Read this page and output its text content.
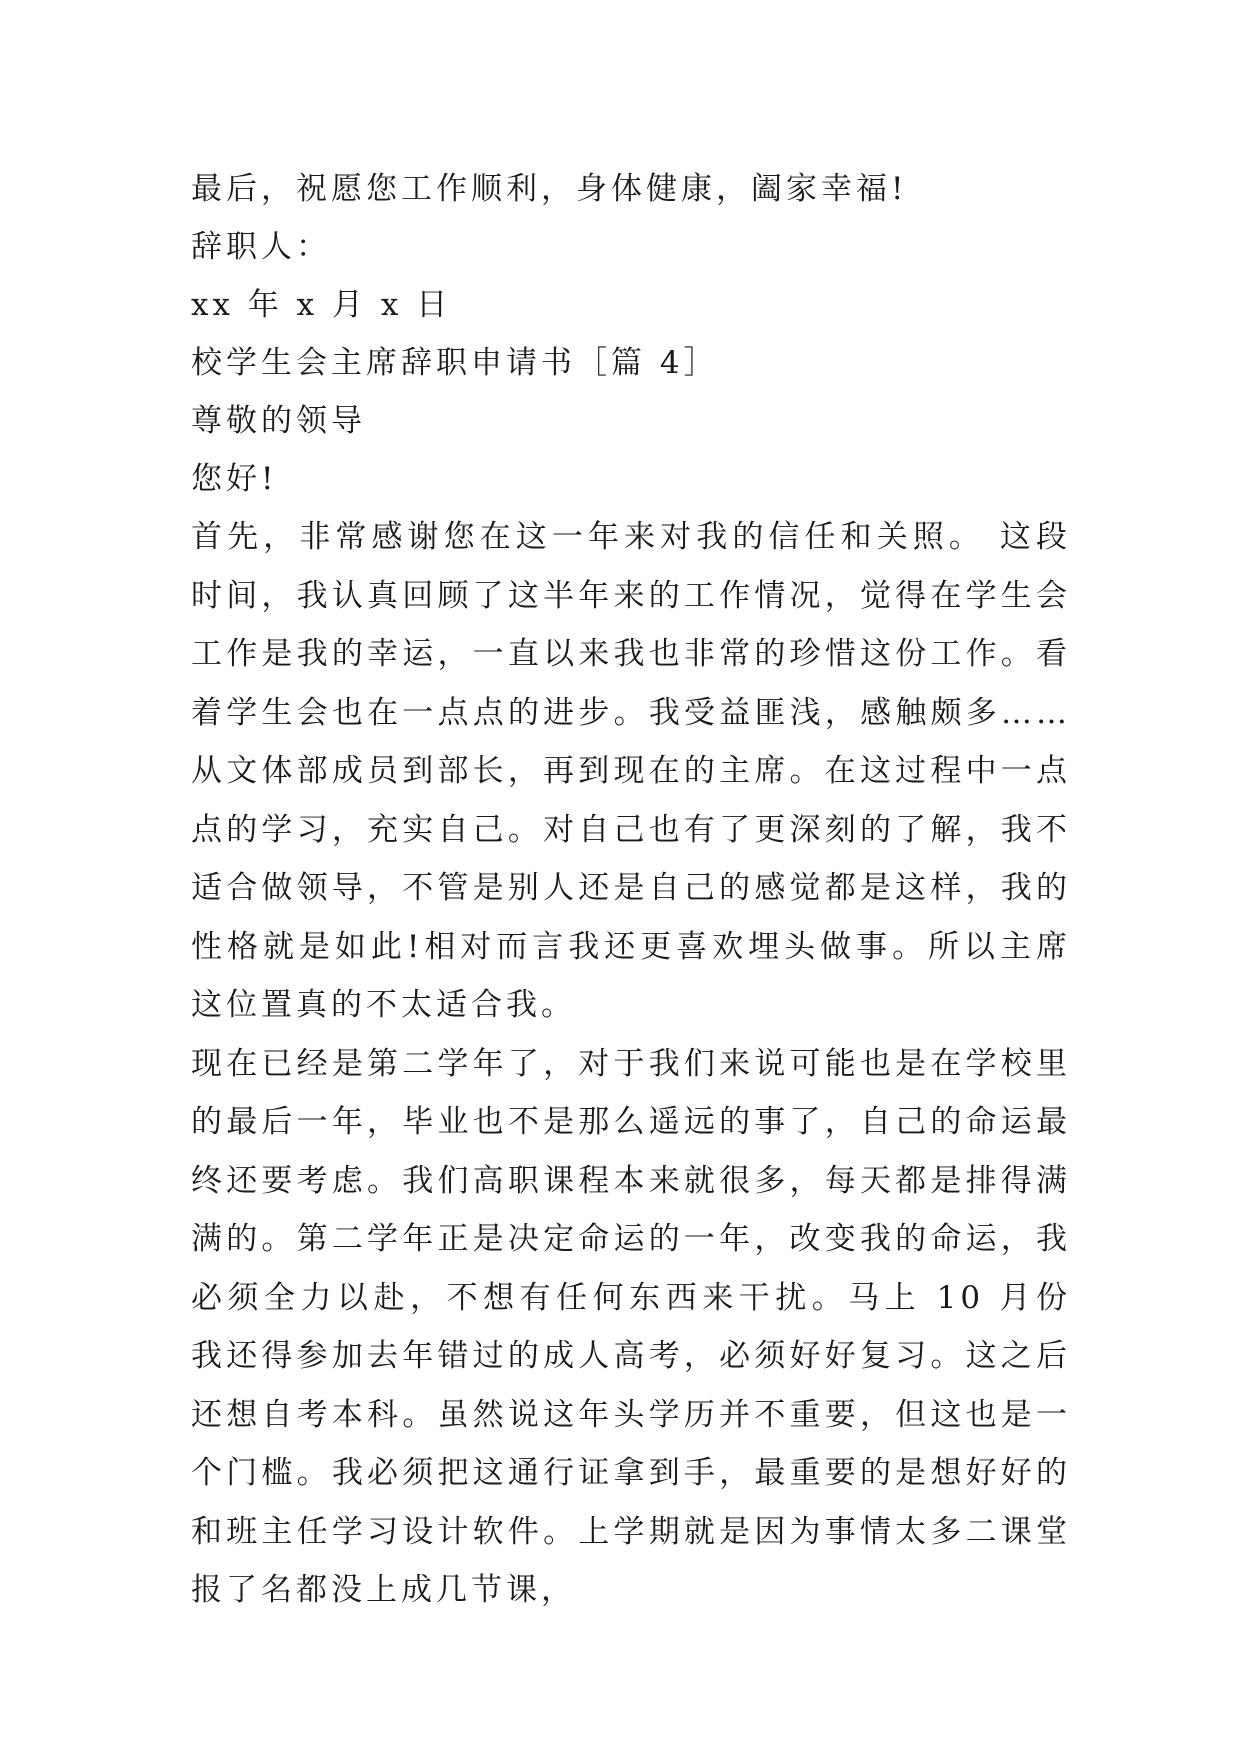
最后，祝愿您工作顺利，身体健康，阖家幸福!
辞职人：
xx 年 x 月 x 日
校学生会主席辞职申请书［篇 4］
尊敬的领导
您好!
首先，非常感谢您在这一年来对我的信任和关照。 这段时间，我认真回顾了这半年来的工作情况，觉得在学生会工作是我的幸运，一直以来我也非常的珍惜这份工作。看着学生会也在一点点的进步。我受益匪浅，感触颇多……从文体部成员到部长，再到现在的主席。在这过程中一点点的学习，充实自己。对自己也有了更深刻的了解，我不适合做领导，不管是别人还是自己的感觉都是这样，我的性格就是如此!相对而言我还更喜欢埋头做事。所以主席这位置真的不太适合我。
现在已经是第二学年了，对于我们来说可能也是在学校里的最后一年，毕业也不是那么遥远的事了，自己的命运最终还要考虑。我们高职课程本来就很多，每天都是排得满满的。第二学年正是决定命运的一年，改变我的命运，我必须全力以赴，不想有任何东西来干扰。马上 10 月份我还得参加去年错过的成人高考，必须好好复习。这之后还想自考本科。虽然说这年头学历并不重要，但这也是一个门槛。我必须把这通行证拿到手，最重要的是想好好的和班主任学习设计软件。上学期就是因为事情太多二课堂报了名都没上成几节课，
